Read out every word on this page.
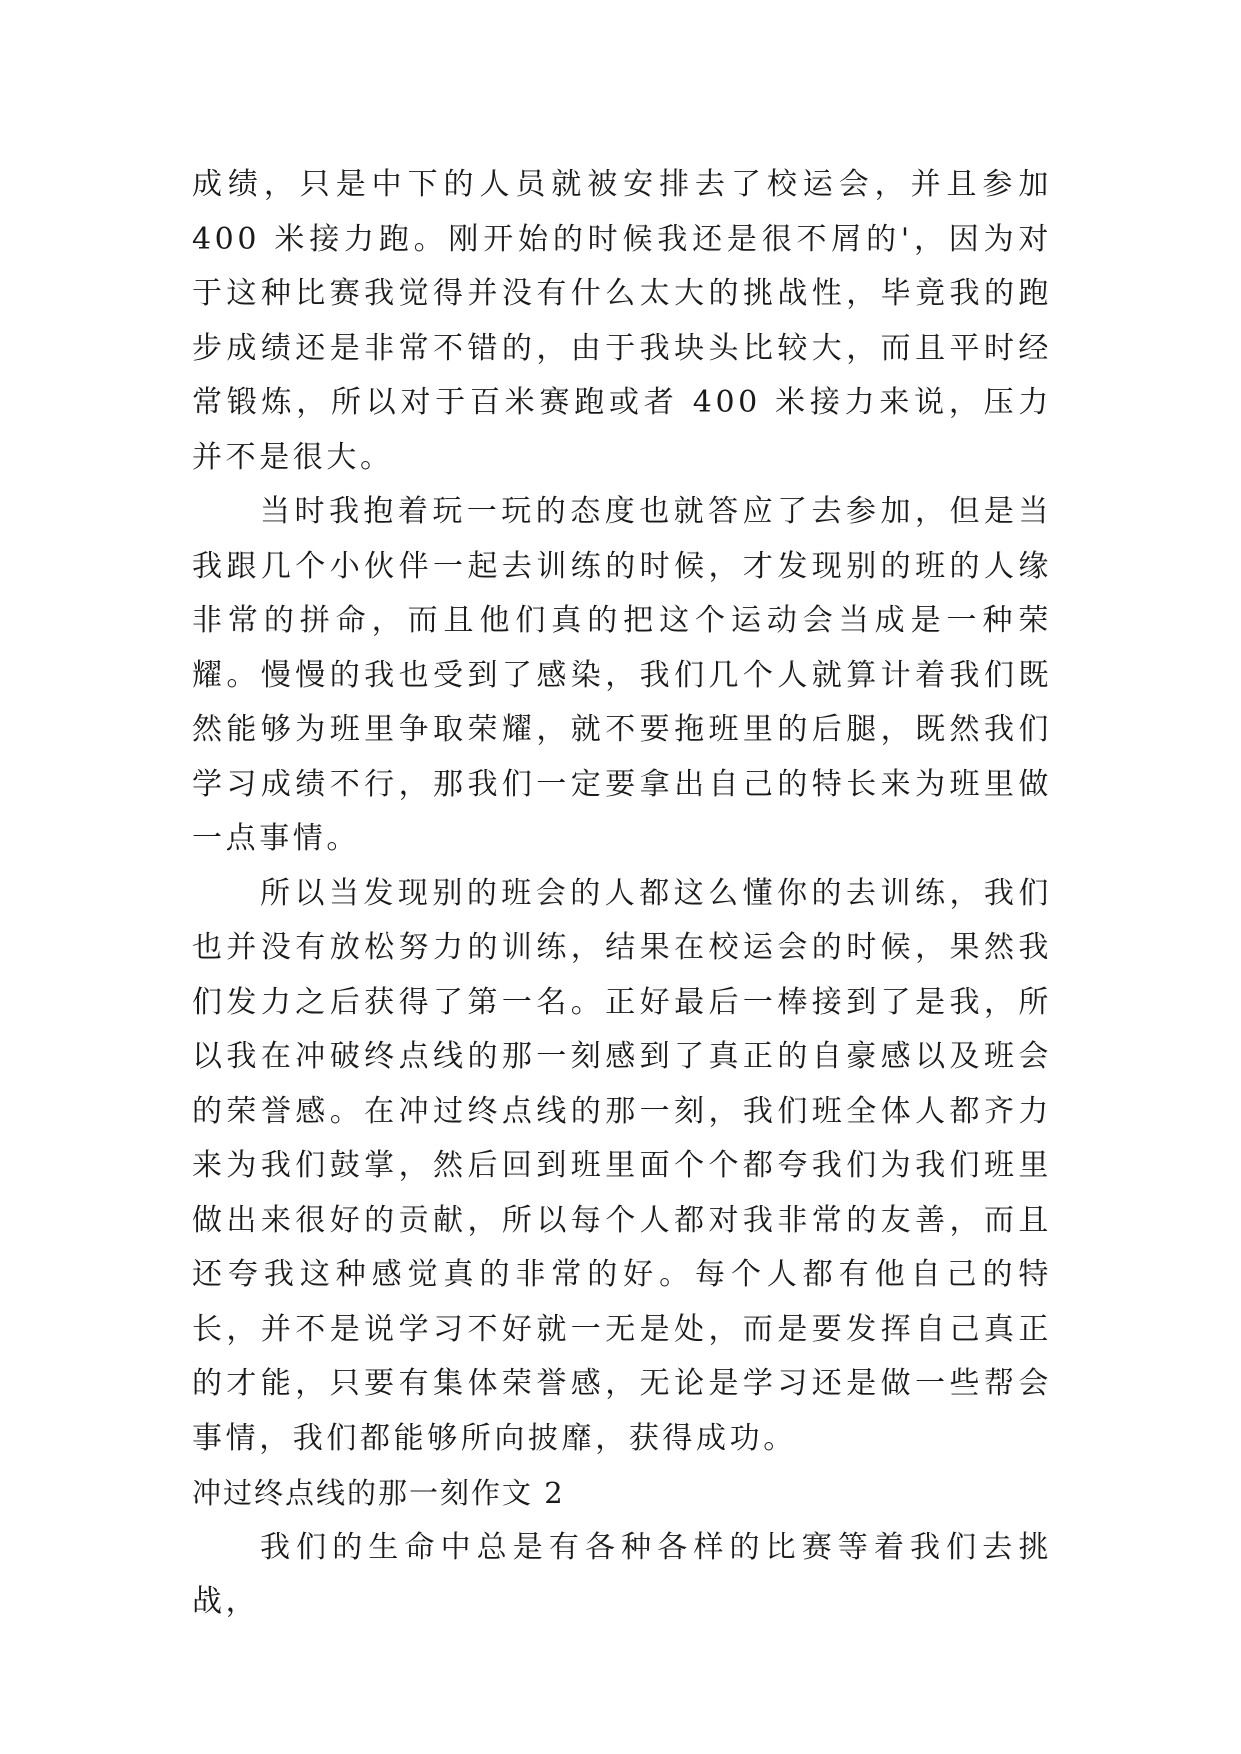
成绩，只是中下的人员就被安排去了校运会，并且参加 400 米接力跑。刚开始的时候我还是很不屑的'，因为对于这种比赛我觉得并没有什么太大的挑战性，毕竟我的跑步成绩还是非常不错的，由于我块头比较大，而且平时经常锻炼，所以对于百米赛跑或者 400 米接力来说，压力并不是很大。

当时我抱着玩一玩的态度也就答应了去参加，但是当我跟几个小伙伴一起去训练的时候，才发现别的班的人缘非常的拼命，而且他们真的把这个运动会当成是一种荣耀。慢慢的我也受到了感染，我们几个人就算计着我们既然能够为班里争取荣耀，就不要拖班里的后腿，既然我们学习成绩不行，那我们一定要拿出自己的特长来为班里做一点事情。

所以当发现别的班会的人都这么懂你的去训练，我们也并没有放松努力的训练，结果在校运会的时候，果然我们发力之后获得了第一名。正好最后一棒接到了是我，所以我在冲破终点线的那一刻感到了真正的自豪感以及班会的荣誉感。在冲过终点线的那一刻，我们班全体人都齐力来为我们鼓掌，然后回到班里面个个都夸我们为我们班里做出来很好的贡献，所以每个人都对我非常的友善，而且还夸我这种感觉真的非常的好。每个人都有他自己的特长，并不是说学习不好就一无是处，而是要发挥自己真正的才能，只要有集体荣誉感，无论是学习还是做一些帮会事情，我们都能够所向披靡，获得成功。

冲过终点线的那一刻作文 2

我们的生命中总是有各种各样的比赛等着我们去挑战，
